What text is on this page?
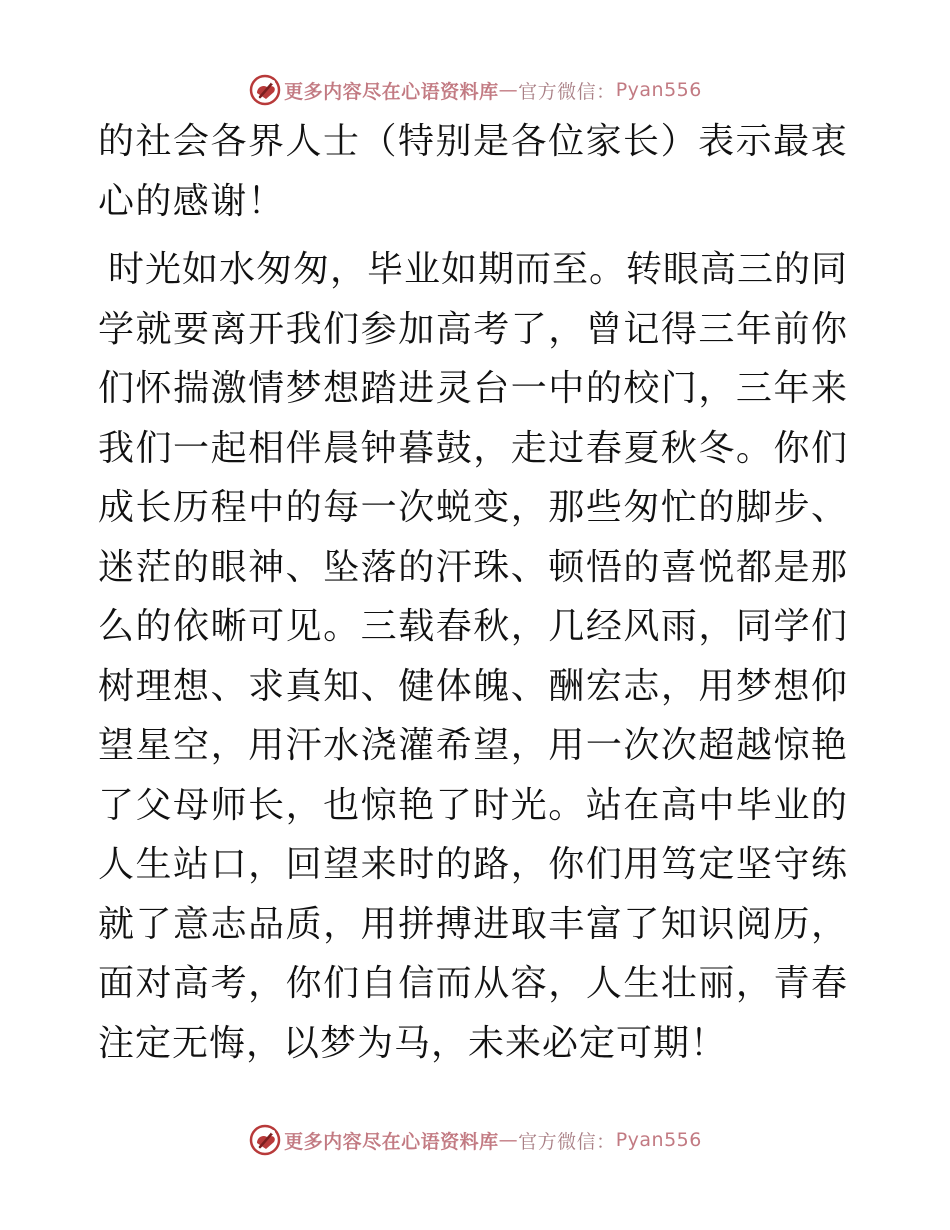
更多内容尽在心语资料库 — 官方微信： Pyan556

的社会各界人士（特别是各位家长）表示最衷心的感谢！

时光如水匆匆，毕业如期而至。转眼高三的同学就要离开我们参加高考了，曾记得三年前你们怀揣激情梦想踏进灵台一中的校门，三年来我们一起相伴晨钟暮鼓，走过春夏秋冬。你们成长历程中的每一次蜕变，那些匆忙的脚步、迷茫的眼神、坠落的汗珠、顿悟的喜悦都是那么的依晰可见。三载春秋，几经风雨，同学们树理想、求真知、健体魄、酬宏志，用梦想仰望星空，用汗水浇灌希望，用一次次超越惊艳了父母师长，也惊艳了时光。站在高中毕业的人生站口，回望来时的路，你们用笃定坚守练就了意志品质，用拼搏进取丰富了知识阅历，面对高考，你们自信而从容，人生壮丽，青春注定无悔，以梦为马，未来必定可期！

更多内容尽在心语资料库 — 官方微信： Pyan556
